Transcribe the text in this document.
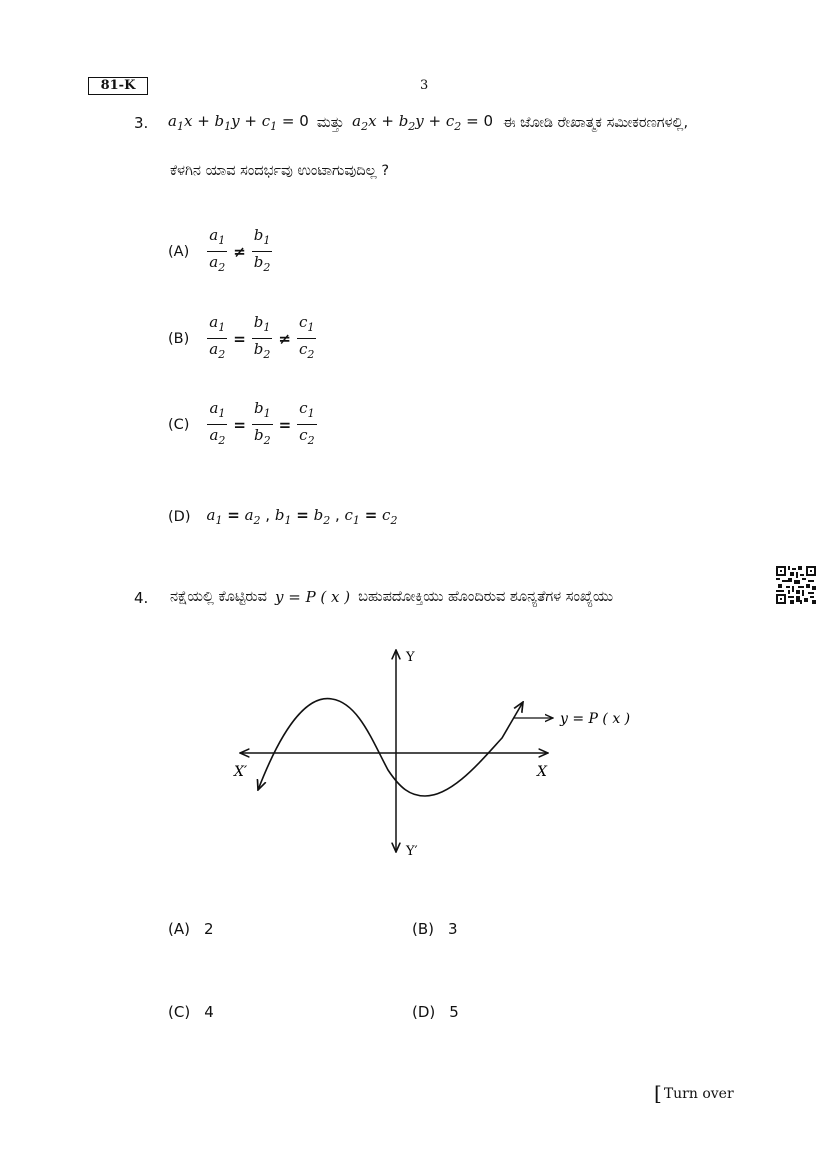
81-K	3
3. $a_1x + b_1y + c_1 = 0$ ಮತ್ತು $a_2x + b_2y + c_2 = 0$ ಈ ಜೋಡಿ ರೇಖಾತ್ಮಕ ಸಮೀಕರಣಗಳಲ್ಲಿ,
ಕೆಳಗಿನ ಯಾವ ಸಂದರ್ಭವು ಉಂಟಾಗುವುದಿಲ್ಲ ?
$(A) \frac{a_1}{a_2} \ne \frac{b_1}{b_2}$
$(B) \frac{a_1}{a_2} = \frac{b_1}{b_2} \ne \frac{c_1}{c_2}$
$(C) \frac{a_1}{a_2} = \frac{b_1}{b_2} = \frac{c_1}{c_2}$
(D) $a_1 = a_2$ , $b_1 = b_2$ , $c_1 = c_2$
4. ನಕ್ಷೆಯಲ್ಲಿ ಕೊಟ್ಟಿರುವ y = P ( x ) ಬಹುಪದೋಕ್ತಿಯು ಹೊಂದಿರುವ ಶೂನ್ಯತೆಗಳ ಸಂಖ್ಯೆಯು
Y
Y′
X′	X
y = P ( x )
(A) 2	(B) 3
(C) 4	(D) 5
[ Turn over
